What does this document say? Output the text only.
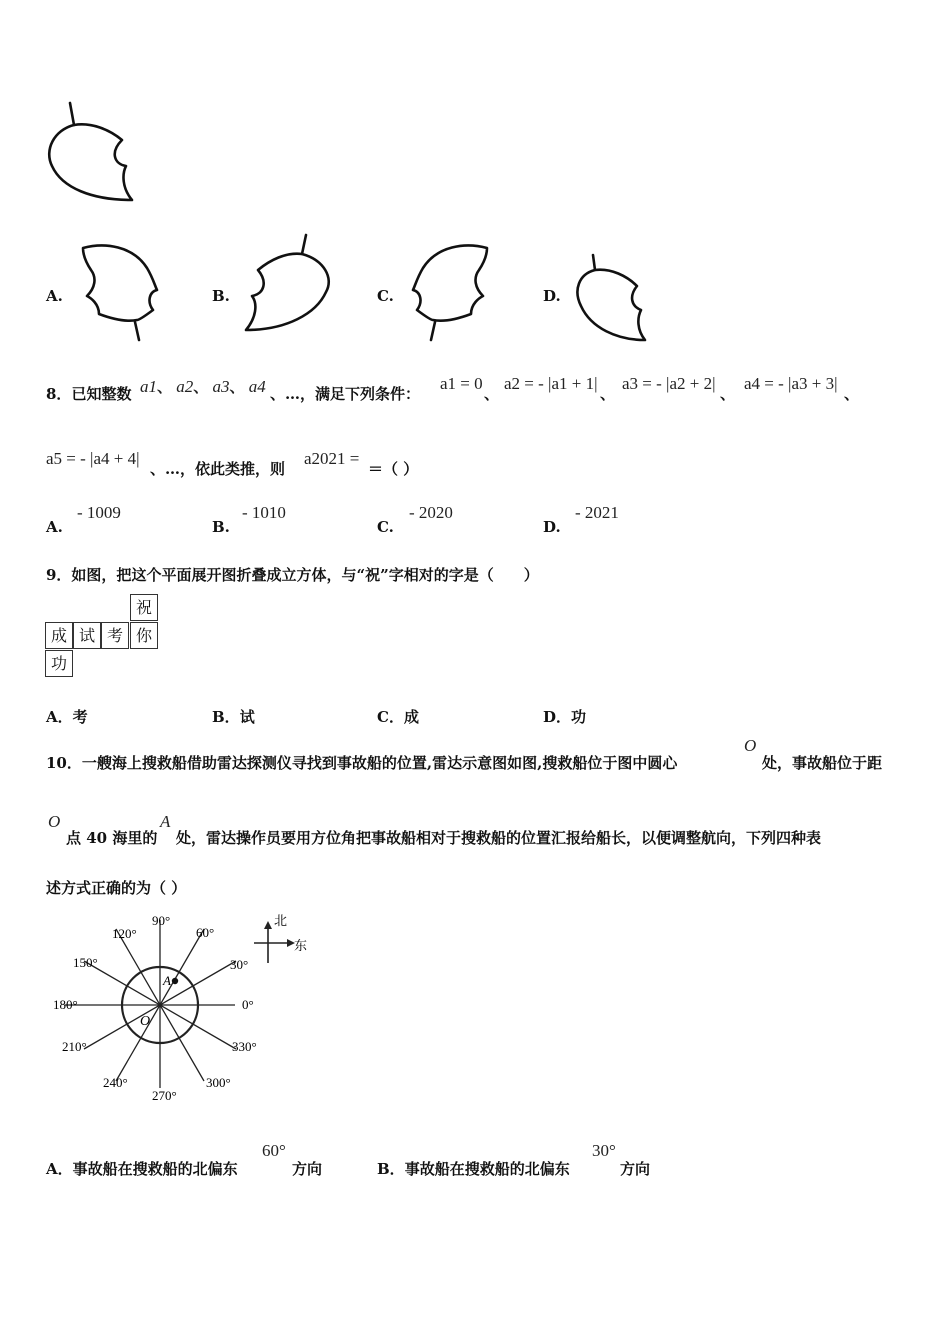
A.	B.	C.	D.
8．已知整数 a1、 a2、 a3、 a4 、…，满足下列条件：
a1 = 0
、
a2 = - |a1 + 1|
、
a3 = - |a2 + 2|
、
a4 = - |a3 + 3|
、
a5 = - |a4 + 4|
、…，依此类推，则
a2021 =
＝（ ）
A.
- 1009
B.
- 1010
C.
- 2020
D.
- 2021
9．如图，把这个平面展开图折叠成立方体，与“祝”字相对的字是（　　）
祝
成 试 考 你
功
A．考	B．试	C．成	D．功
10．一艘海上搜救船借助雷达探测仪寻找到事故船的位置,雷达示意图如图,搜救船位于图中圆心
O
处，事故船位于距
O
点 40 海里的
A
处，雷达操作员要用方位角把事故船相对于搜救船的位置汇报给船长，以便调整航向，下列四种表
述方式正确的为（ ）
A
O
90°
60°
30°
0°
330°
300°
270°
240°
210°
180°
150°
120°
北
东
A．事故船在搜救船的北偏东
60°
方向	B．事故船在搜救船的北偏东
30°
方向
